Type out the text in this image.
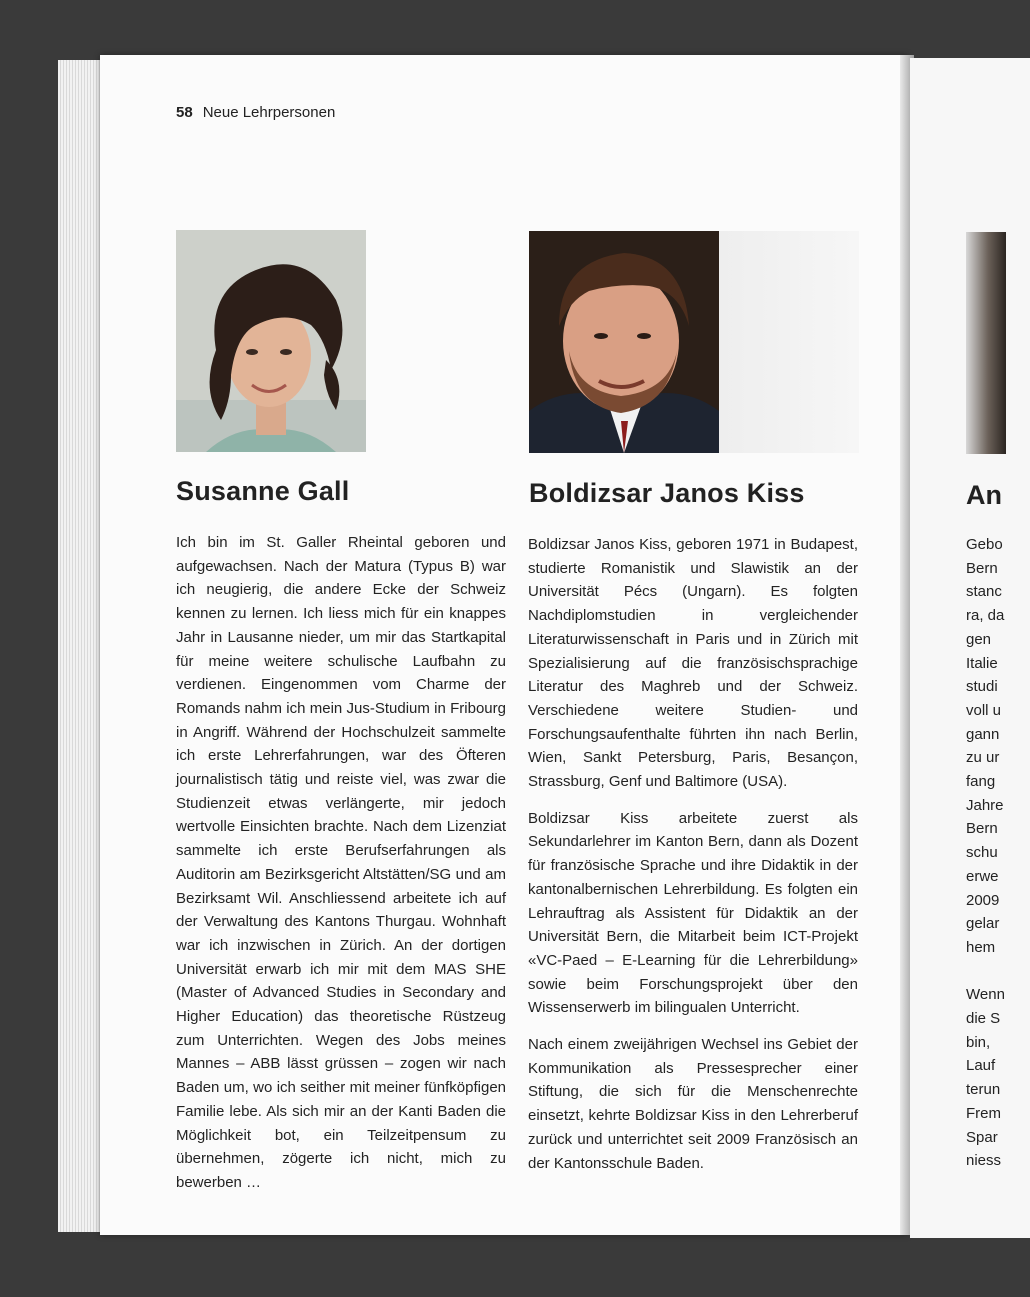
58 Neue Lehrpersonen
Susanne Gall	Boldizsar Janos Kiss

Ich bin im St. Galler Rheintal geboren und aufgewachsen. Nach der Matura (Typus B) war ich neugierig, die andere Ecke der Schweiz kennen zu lernen. Ich liess mich für ein knappes Jahr in Lausanne nieder, um mir das Startkapital für meine weitere schulische Laufbahn zu verdienen. Eingenommen vom Charme der Romands nahm ich mein Jus-Studium in Fribourg in Angriff. Während der Hochschulzeit sammelte ich erste Lehrerfahrungen, war des Öfteren journalistisch tätig und reiste viel, was zwar die Studienzeit etwas verlängerte, mir jedoch wertvolle Einsichten brachte. Nach dem Lizenziat sammelte ich erste Berufserfahrungen als Auditorin am Bezirksgericht Altstätten/SG und am Bezirksamt Wil. Anschliessend arbeitete ich auf der Verwaltung des Kantons Thurgau. Wohnhaft war ich inzwischen in Zürich. An der dortigen Universität erwarb ich mir mit dem MAS SHE (Master of Advanced Studies in Secondary and Higher Education) das theoretische Rüstzeug zum Unterrichten. Wegen des Jobs meines Mannes – ABB lässt grüssen – zogen wir nach Baden um, wo ich seither mit meiner fünfköpfigen Familie lebe. Als sich mir an der Kanti Baden die Möglichkeit bot, ein Teilzeitpensum zu übernehmen, zögerte ich nicht, mich zu bewerben …

Boldizsar Janos Kiss, geboren 1971 in Budapest, studierte Romanistik und Slawistik an der Universität Pécs (Ungarn). Es folgten Nachdiplomstudien in vergleichender Literaturwissenschaft in Paris und in Zürich mit Spezialisierung auf die französischsprachige Literatur des Maghreb und der Schweiz. Verschiedene weitere Studien- und Forschungsaufenthalte führten ihn nach Berlin, Wien, Sankt Petersburg, Paris, Besançon, Strassburg, Genf und Baltimore (USA).

Boldizsar Kiss arbeitete zuerst als Sekundarlehrer im Kanton Bern, dann als Dozent für französische Sprache und ihre Didaktik in der kantonalbernischen Lehrerbildung. Es folgten ein Lehrauftrag als Assistent für Didaktik an der Universität Bern, die Mitarbeit beim ICT-Projekt «VC-Paed – E-Learning für die Lehrerbildung» sowie beim Forschungsprojekt über den Wissenserwerb im bilingualen Unterricht.

Nach einem zweijährigen Wechsel ins Gebiet der Kommunikation als Pressesprecher einer Stiftung, die sich für die Menschenrechte einsetzt, kehrte Boldizsar Kiss in den Lehrerberuf zurück und unterrichtet seit 2009 Französisch an der Kantonsschule Baden.

An
Gebo
Bern
stanc
ra, da
gen
Italie
studi
voll u
gann
zu ur
fang
Jahre
Bern
schu
erwe
2009
gelar
hem

Wenn
die S
bin,
Lauf
terun
Frem
Spar
niess
